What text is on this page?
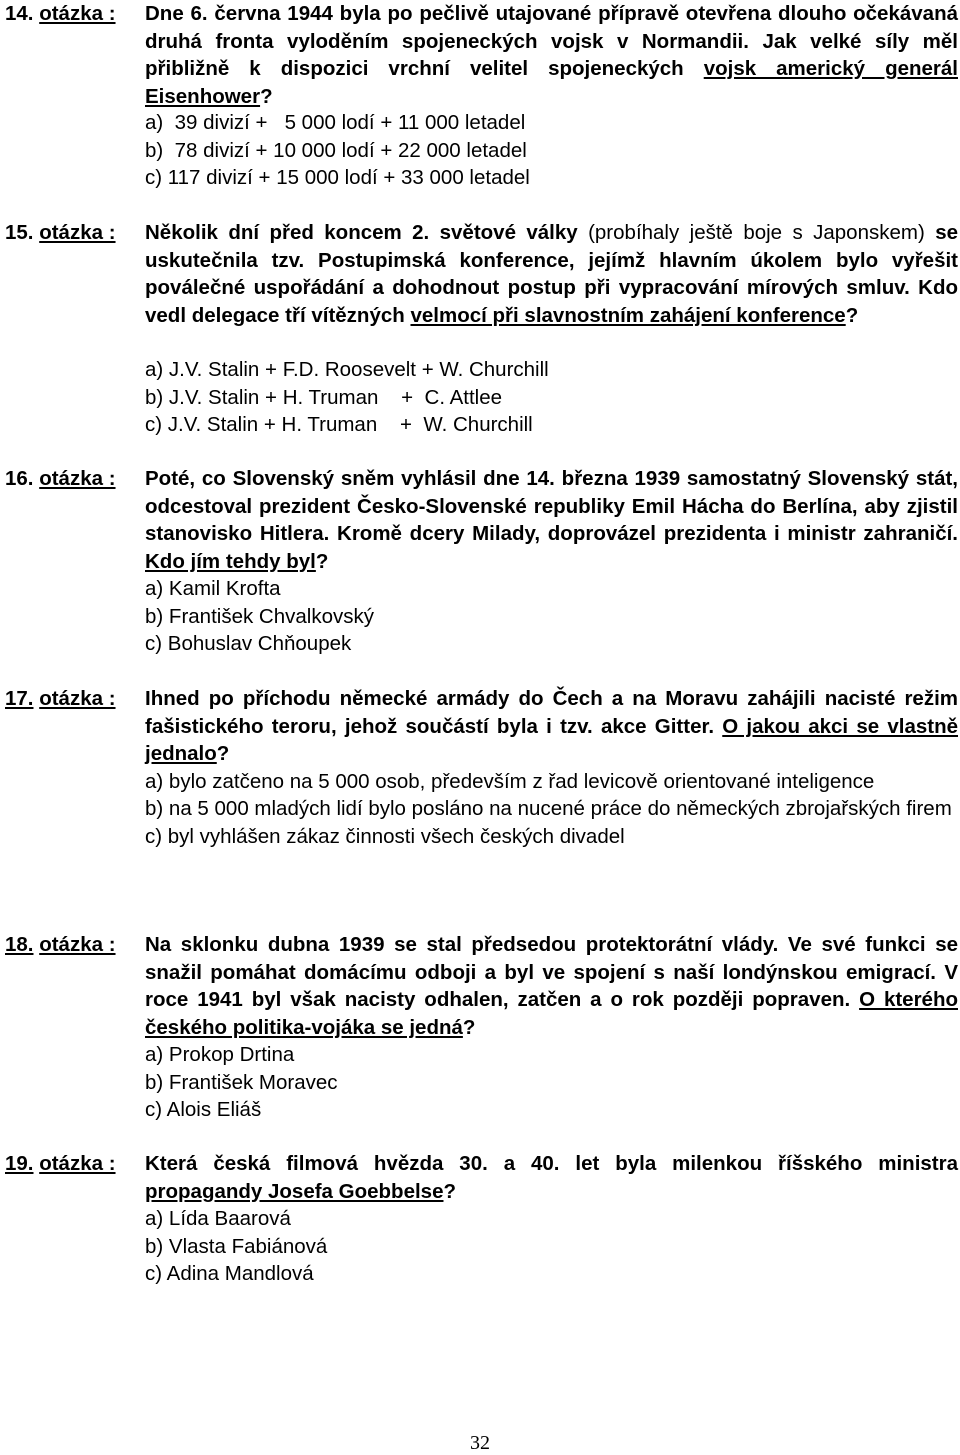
14. otázka : Dne 6. června 1944 byla po pečlivě utajované přípravě otevřena dlouho očekávaná druhá fronta vyloděním spojeneckých vojsk v Normandii. Jak velké síly měl přibližně k dispozici vrchní velitel spojeneckých vojsk americký generál Eisenhower?
a)  39 divizí +   5 000 lodí + 11 000 letadel
b)  78 divizí + 10 000 lodí + 22 000 letadel
c) 117 divizí + 15 000 lodí + 33 000 letadel
15. otázka : Několik dní před koncem 2. světové války (probíhaly ještě boje s Japonskem) se uskutečnila tzv. Postupimská konference, jejímž hlavním úkolem bylo vyřešit poválečné uspořádání a dohodnout postup při vypracování mírových smluv. Kdo vedl delegace tří vítězných velmocí při slavnostním zahájení konference?
a) J.V. Stalin + F.D. Roosevelt + W. Churchill
b) J.V. Stalin + H. Truman    +  C. Attlee
c) J.V. Stalin + H. Truman    +  W. Churchill
16. otázka : Poté, co Slovenský sněm vyhlásil dne 14. března 1939 samostatný Slovenský stát, odcestoval prezident Česko-Slovenské republiky Emil Hácha do Berlína, aby zjistil stanovisko Hitlera. Kromě dcery Milady, doprovázel prezidenta i ministr zahraničí. Kdo jím tehdy byl?
a) Kamil Krofta
b) František Chvalkovský
c) Bohuslav Chňoupek
17. otázka : Ihned po příchodu německé armády do Čech a na Moravu zahájili nacisté režim fašistického teroru, jehož součástí byla i tzv. akce Gitter. O jakou akci se vlastně jednalo?
a) bylo zatčeno na 5 000 osob, především z řad levicově orientované inteligence
b) na 5 000 mladých lidí bylo posláno na nucené práce do německých zbrojařských firem
c) byl vyhlášen zákaz činnosti všech českých divadel
18. otázka : Na sklonku dubna 1939 se stal předsedou protektorátní vlády. Ve své funkci se snažil pomáhat domácímu odboji a byl ve spojení s naší londýnskou emigrací. V roce 1941 byl však nacisty odhalen, zatčen a o rok později popraven. O kterého českého politika-vojáka se jedná?
a) Prokop Drtina
b) František Moravec
c) Alois Eliáš
19. otázka : Která česká filmová hvězda 30. a 40. let byla milenkou říšského ministra propagandy Josefa Goebbelse?
a) Lída Baarová
b) Vlasta Fabiánová
c) Adina Mandlová
32
